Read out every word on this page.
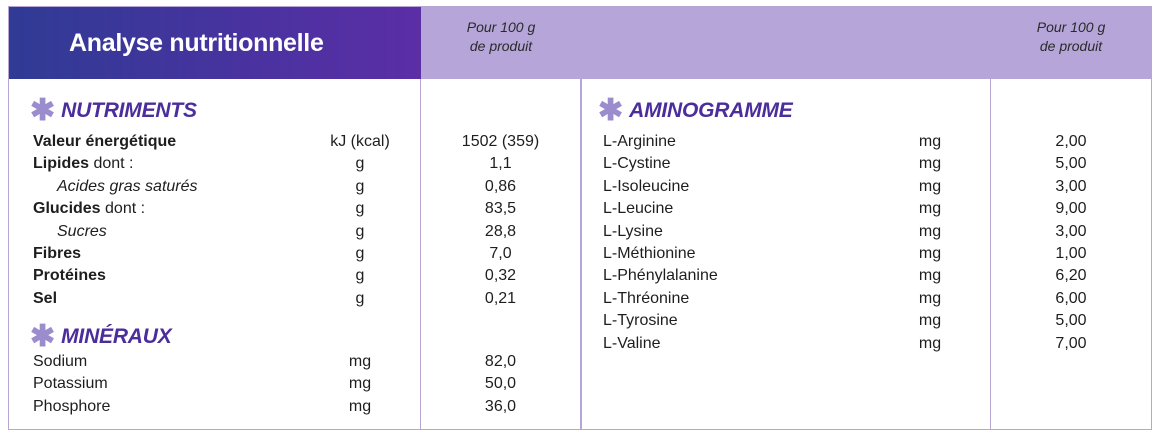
Analyse nutritionnelle
Pour 100 g
de produit
Pour 100 g
de produit
✱ NUTRIMENTS
✱ MINÉRAUX
✱ AMINOGRAMME
Valeur énergétique	kJ (kcal)	1502 (359)
Lipides dont :	g	1,1
Acides gras saturés	g	0,86
Glucides dont :	g	83,5
Sucres	g	28,8
Fibres	g	7,0
Protéines	g	0,32
Sel	g	0,21
Sodium	mg	82,0
Potassium	mg	50,0
Phosphore	mg	36,0
L-Arginine	mg	2,00
L-Cystine	mg	5,00
L-Isoleucine	mg	3,00
L-Leucine	mg	9,00
L-Lysine	mg	3,00
L-Méthionine	mg	1,00
L-Phénylalanine	mg	6,20
L-Thréonine	mg	6,00
L-Tyrosine	mg	5,00
L-Valine	mg	7,00
